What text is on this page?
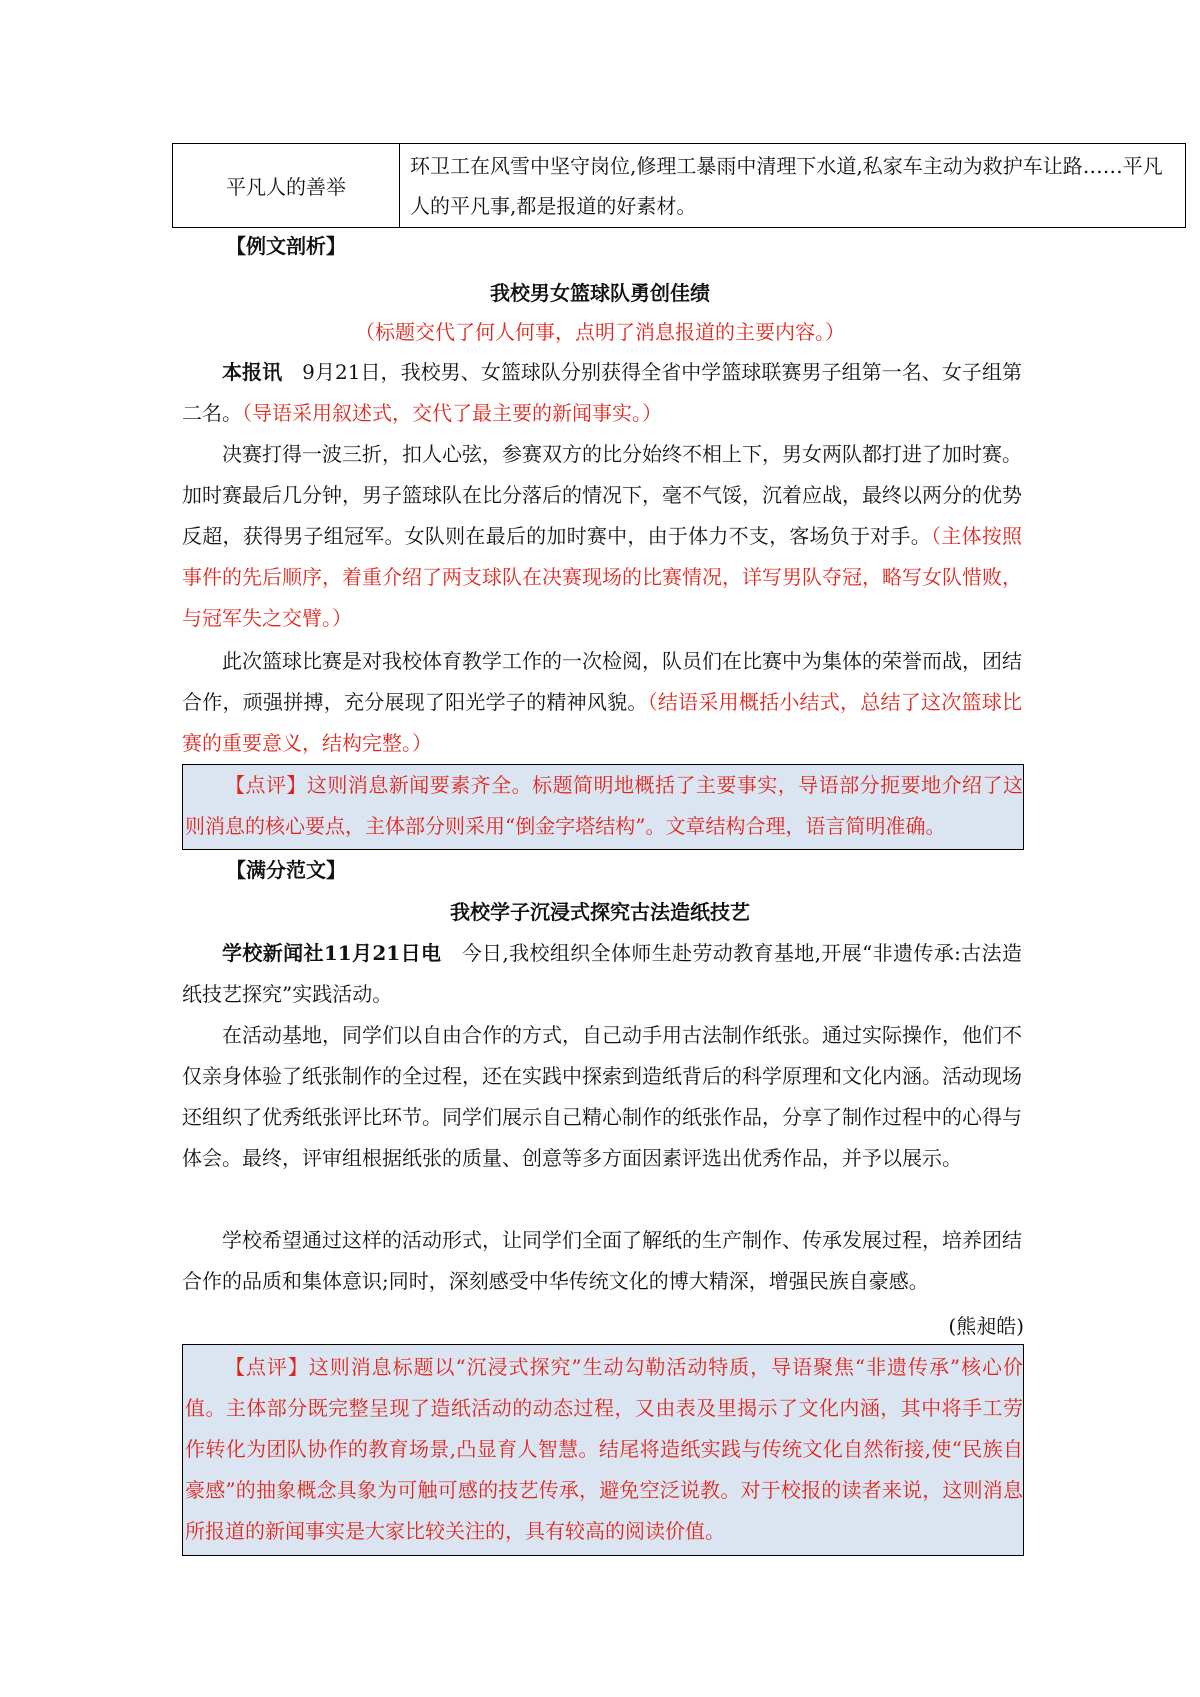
平凡人的善举	环卫工在风雪中坚守岗位,修理工暴雨中清理下水道,私家车主动为救护车让路……平凡人的平凡事,都是报道的好素材。
【例文剖析】
我校男女篮球队勇创佳绩
（标题交代了何人何事，点明了消息报道的主要内容。）
本报讯　9月21日，我校男、女篮球队分别获得全省中学篮球联赛男子组第一名、女子组第二名。（导语采用叙述式，交代了最主要的新闻事实。）
决赛打得一波三折，扣人心弦，参赛双方的比分始终不相上下，男女两队都打进了加时赛。加时赛最后几分钟，男子篮球队在比分落后的情况下，毫不气馁，沉着应战，最终以两分的优势反超，获得男子组冠军。女队则在最后的加时赛中，由于体力不支，客场负于对手。（主体按照事件的先后顺序，着重介绍了两支球队在决赛现场的比赛情况，详写男队夺冠，略写女队惜败，与冠军失之交臂。）
此次篮球比赛是对我校体育教学工作的一次检阅，队员们在比赛中为集体的荣誉而战，团结合作，顽强拼搏，充分展现了阳光学子的精神风貌。（结语采用概括小结式，总结了这次篮球比赛的重要意义，结构完整。）
【点评】这则消息新闻要素齐全。标题简明地概括了主要事实，导语部分扼要地介绍了这则消息的核心要点，主体部分则采用“倒金字塔结构”。文章结构合理，语言简明准确。
【满分范文】
我校学子沉浸式探究古法造纸技艺
学校新闻社11月21日电　今日,我校组织全体师生赴劳动教育基地,开展“非遗传承:古法造纸技艺探究”实践活动。
在活动基地，同学们以自由合作的方式，自己动手用古法制作纸张。通过实际操作，他们不仅亲身体验了纸张制作的全过程，还在实践中探索到造纸背后的科学原理和文化内涵。活动现场还组织了优秀纸张评比环节。同学们展示自己精心制作的纸张作品，分享了制作过程中的心得与体会。最终，评审组根据纸张的质量、创意等多方面因素评选出优秀作品，并予以展示。
学校希望通过这样的活动形式，让同学们全面了解纸的生产制作、传承发展过程，培养团结合作的品质和集体意识;同时，深刻感受中华传统文化的博大精深，增强民族自豪感。
(熊昶皓)
【点评】这则消息标题以“沉浸式探究”生动勾勒活动特质，导语聚焦“非遗传承”核心价值。主体部分既完整呈现了造纸活动的动态过程，又由表及里揭示了文化内涵，其中将手工劳作转化为团队协作的教育场景,凸显育人智慧。结尾将造纸实践与传统文化自然衔接,使“民族自豪感”的抽象概念具象为可触可感的技艺传承，避免空泛说教。对于校报的读者来说，这则消息所报道的新闻事实是大家比较关注的，具有较高的阅读价值。
